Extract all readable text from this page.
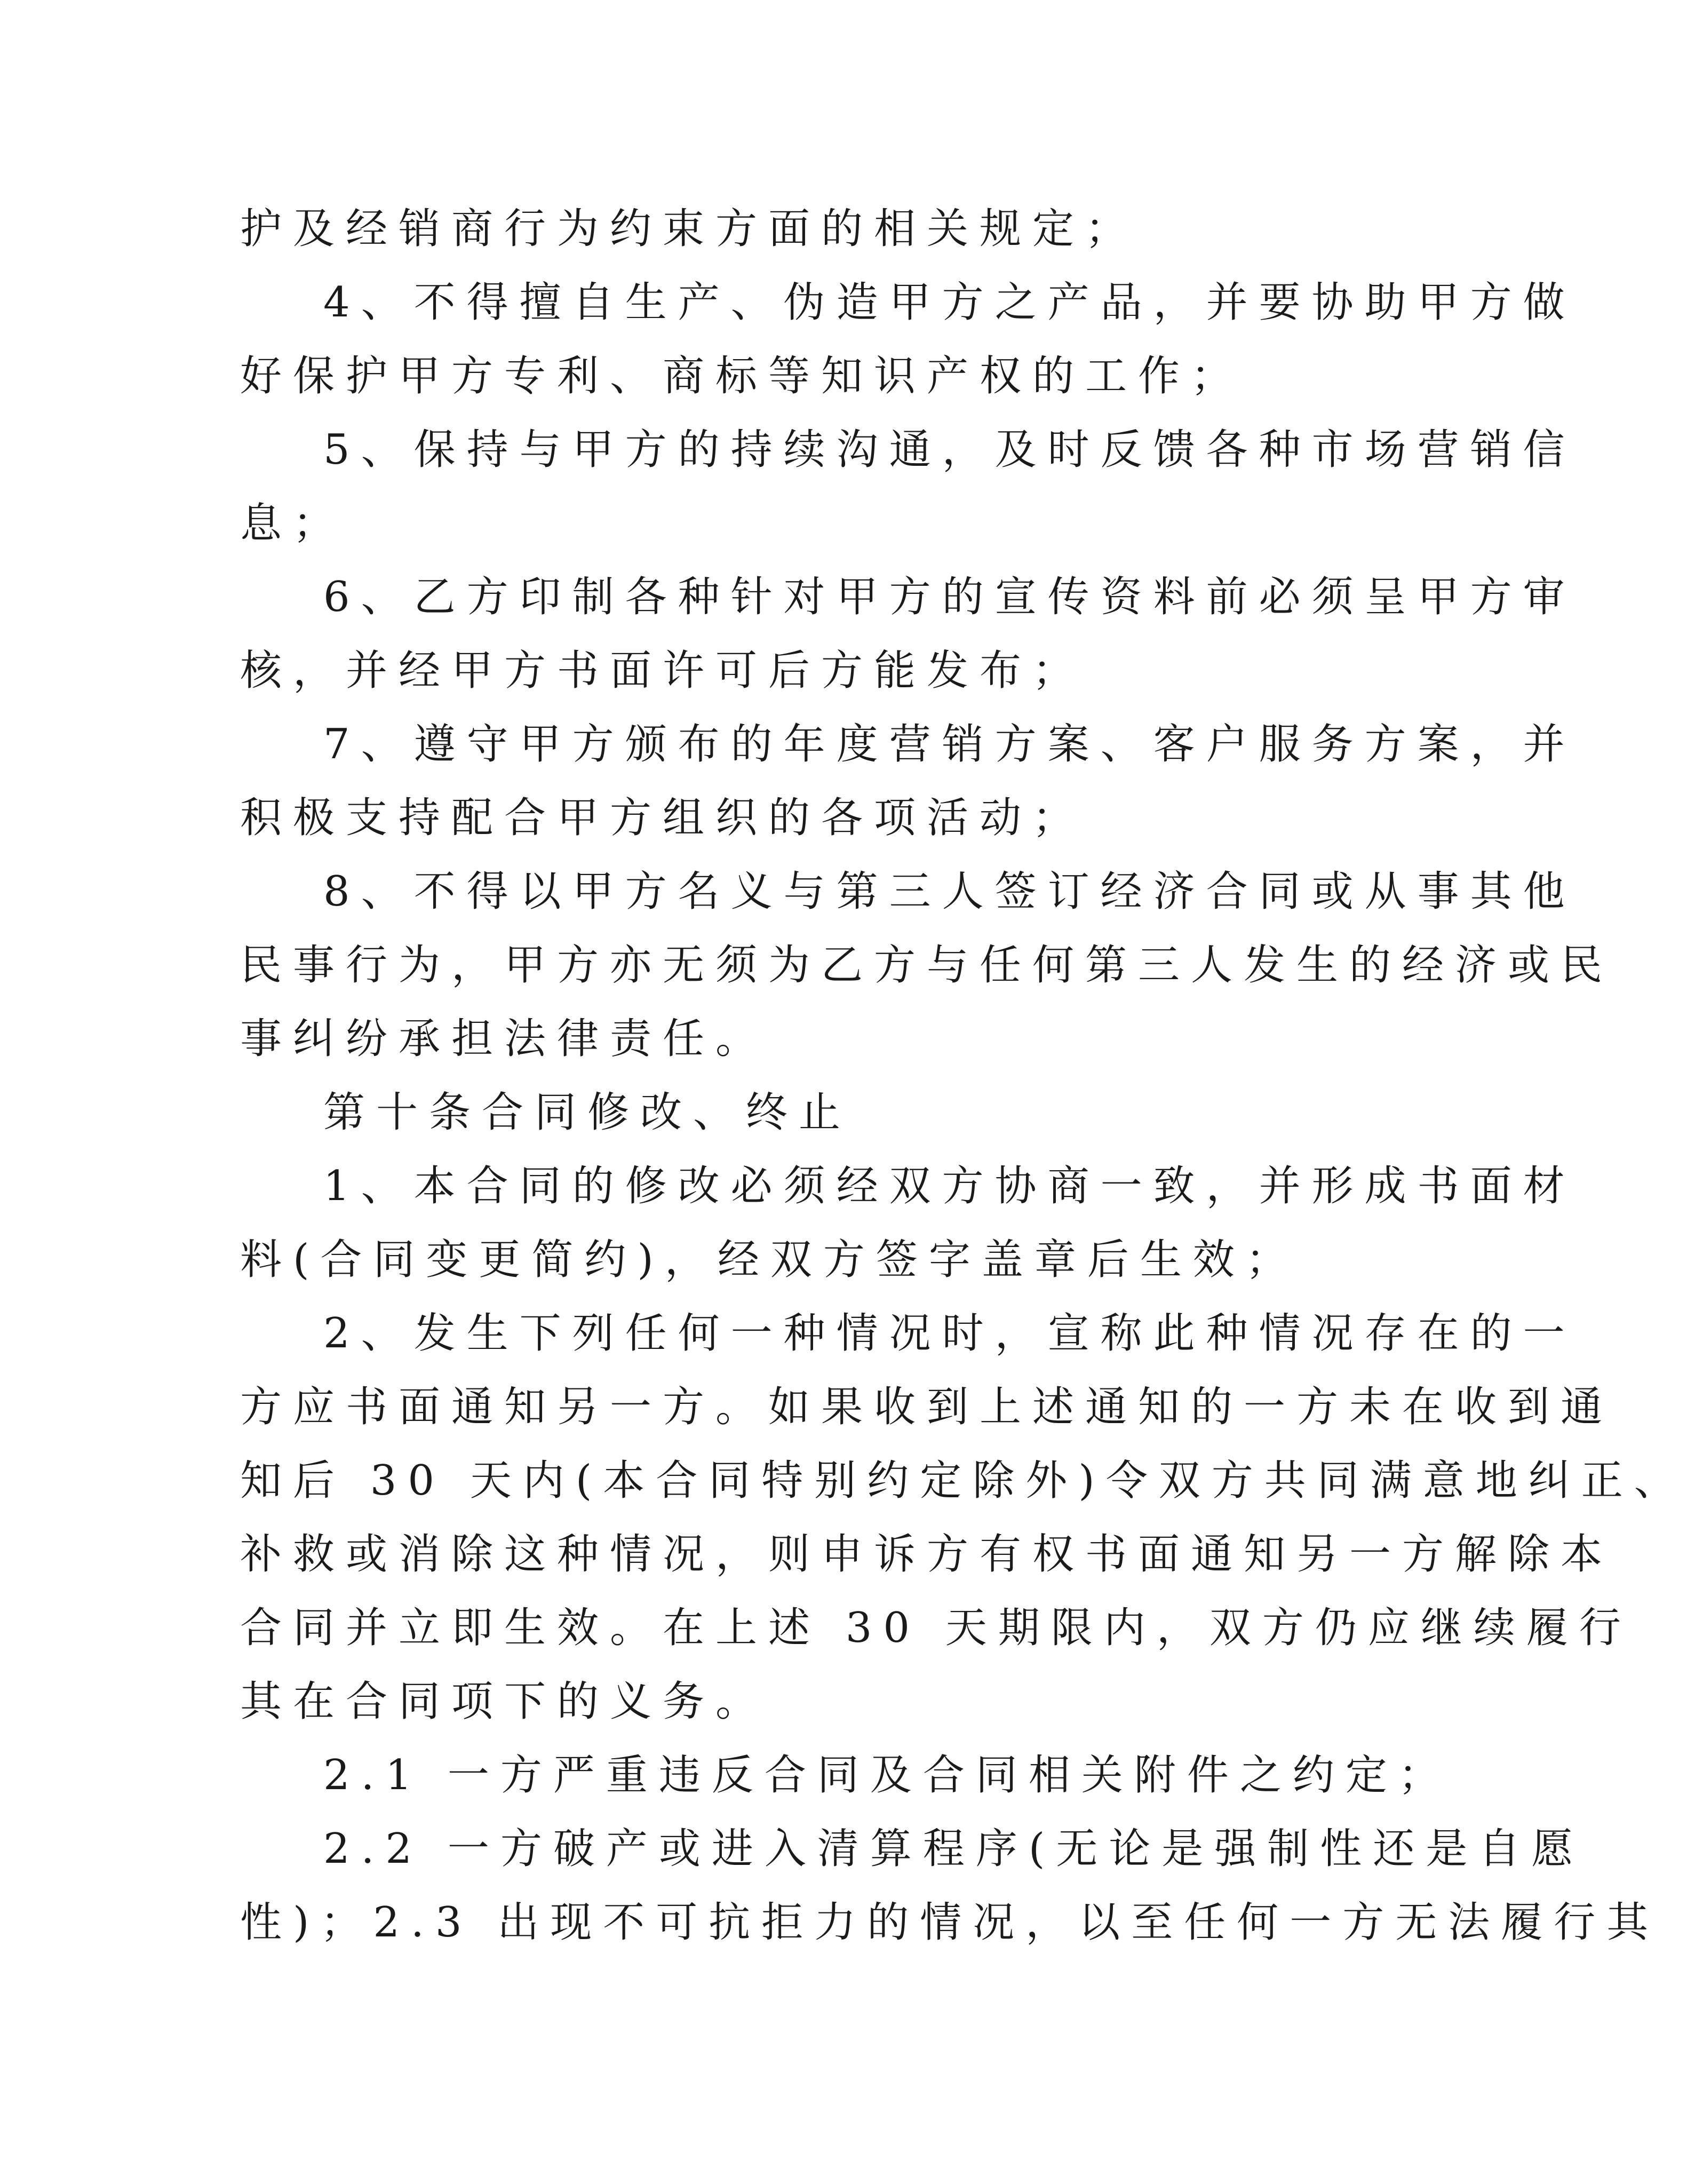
护及经销商行为约束方面的相关规定；
4、不得擅自生产、伪造甲方之产品，并要协助甲方做
好保护甲方专利、商标等知识产权的工作；
5、保持与甲方的持续沟通，及时反馈各种市场营销信
息；
6、乙方印制各种针对甲方的宣传资料前必须呈甲方审
核，并经甲方书面许可后方能发布；
7、遵守甲方颁布的年度营销方案、客户服务方案，并
积极支持配合甲方组织的各项活动；
8、不得以甲方名义与第三人签订经济合同或从事其他
民事行为，甲方亦无须为乙方与任何第三人发生的经济或民
事纠纷承担法律责任。
第十条合同修改、终止
1、本合同的修改必须经双方协商一致，并形成书面材
料(合同变更简约)，经双方签字盖章后生效；
2、发生下列任何一种情况时，宣称此种情况存在的一
方应书面通知另一方。如果收到上述通知的一方未在收到通
知后 30 天内(本合同特别约定除外)令双方共同满意地纠正、
补救或消除这种情况，则申诉方有权书面通知另一方解除本
合同并立即生效。在上述 30 天期限内，双方仍应继续履行
其在合同项下的义务。
2.1 一方严重违反合同及合同相关附件之约定；
2.2 一方破产或进入清算程序(无论是强制性还是自愿
性)；2.3 出现不可抗拒力的情况，以至任何一方无法履行其
